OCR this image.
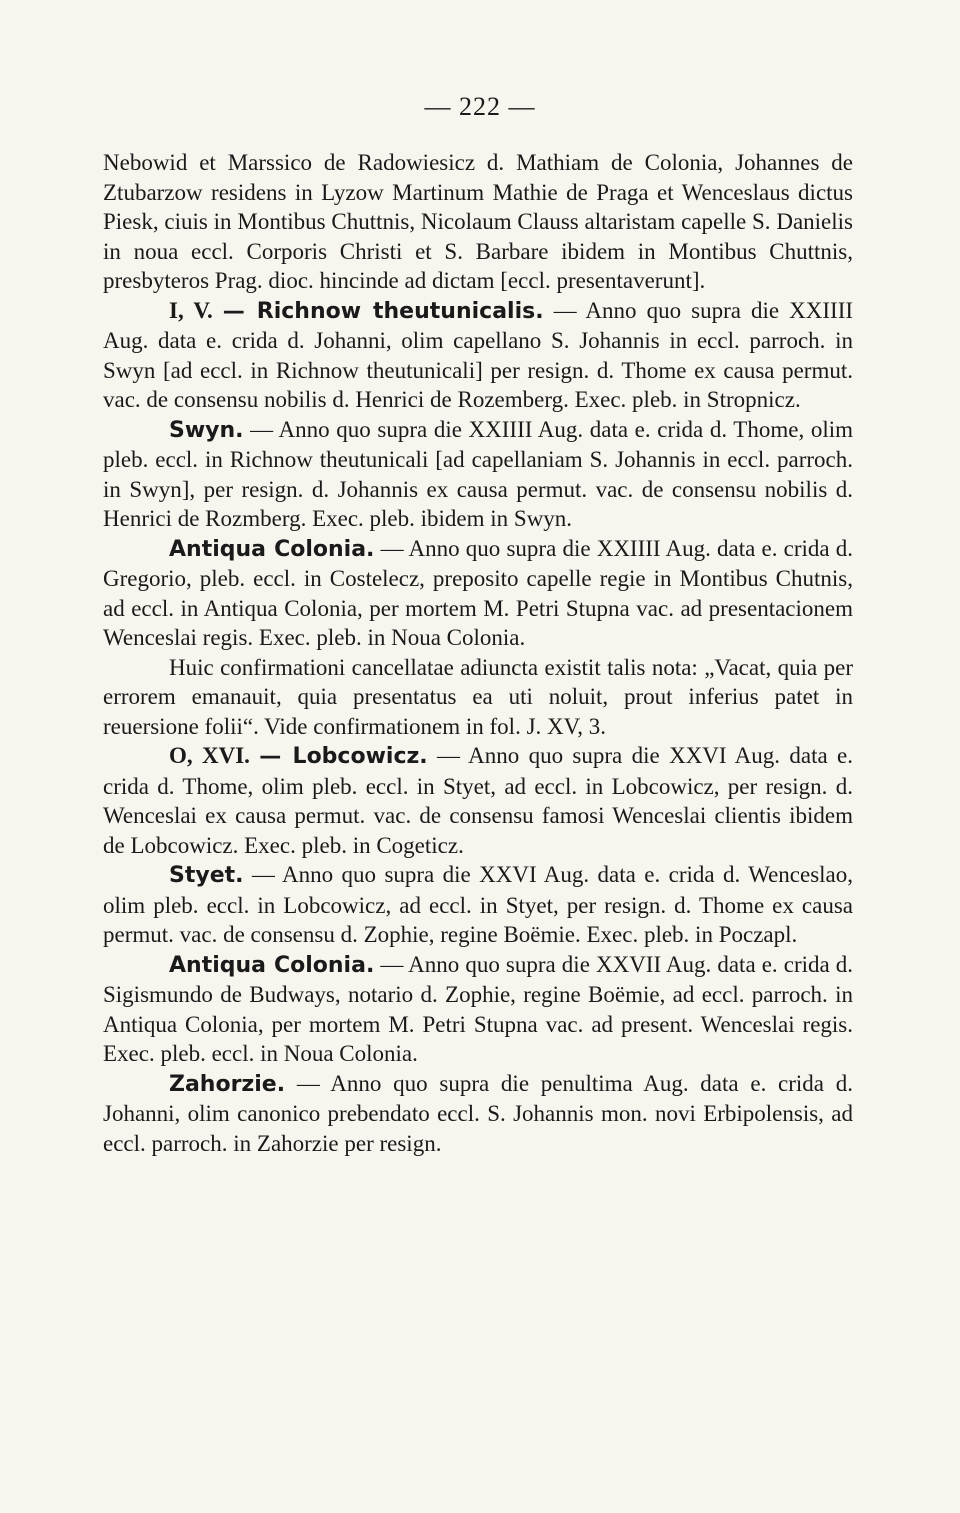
— 222 —

Nebowid et Marssico de Radowiesicz d. Mathiam de Colonia, Johannes de Ztubarzow residens in Lyzow Martinum Mathie de Praga et Wenceslaus dictus Piesk, ciuis in Montibus Chuttnis, Nicolaum Clauss altaristam capelle S. Danielis in noua eccl. Corporis Christi et S. Barbare ibidem in Montibus Chuttnis, presbyteros Prag. dioc. hincinde ad dictam [eccl. presentaverunt].

I, V. — Richnow theutunicalis. — Anno quo supra die XXIIII Aug. data e. crida d. Johanni, olim capellano S. Johannis in eccl. parroch. in Swyn [ad eccl. in Richnow theutunicali] per resign. d. Thome ex causa permut. vac. de consensu nobilis d. Henrici de Rozemberg. Exec. pleb. in Stropnicz.

Swyn. — Anno quo supra die XXIIII Aug. data e. crida d. Thome, olim pleb. eccl. in Richnow theutunicali [ad capellaniam S. Johannis in eccl. parroch. in Swyn], per resign. d. Johannis ex causa permut. vac. de consensu nobilis d. Henrici de Rozmberg. Exec. pleb. ibidem in Swyn.

Antiqua Colonia. — Anno quo supra die XXIIII Aug. data e. crida d. Gregorio, pleb. eccl. in Costelecz, preposito capelle regie in Montibus Chutnis, ad eccl. in Antiqua Colonia, per mortem M. Petri Stupna vac. ad presentacionem Wenceslai regis. Exec. pleb. in Noua Colonia.

Huic confirmationi cancellatae adiuncta existit talis nota: „Vacat, quia per errorem emanauit, quia presentatus ea uti noluit, prout inferius patet in reuersione folii“. Vide confirmationem in fol. J. XV, 3.

O, XVI. — Lobcowicz. — Anno quo supra die XXVI Aug. data e. crida d. Thome, olim pleb. eccl. in Styet, ad eccl. in Lobcowicz, per resign. d. Wenceslai ex causa permut. vac. de consensu famosi Wenceslai clientis ibidem de Lobcowicz. Exec. pleb. in Cogeticz.

Styet. — Anno quo supra die XXVI Aug. data e. crida d. Wenceslao, olim pleb. eccl. in Lobcowicz, ad eccl. in Styet, per resign. d. Thome ex causa permut. vac. de consensu d. Zophie, regine Boëmie. Exec. pleb. in Poczapl.

Antiqua Colonia. — Anno quo supra die XXVII Aug. data e. crida d. Sigismundo de Budways, notario d. Zophie, regine Boëmie, ad eccl. parroch. in Antiqua Colonia, per mortem M. Petri Stupna vac. ad present. Wenceslai regis. Exec. pleb. eccl. in Noua Colonia.

Zahorzie. — Anno quo supra die penultima Aug. data e. crida d. Johanni, olim canonico prebendato eccl. S. Johannis mon. novi Erbipolensis, ad eccl. parroch. in Zahorzie per resign.
